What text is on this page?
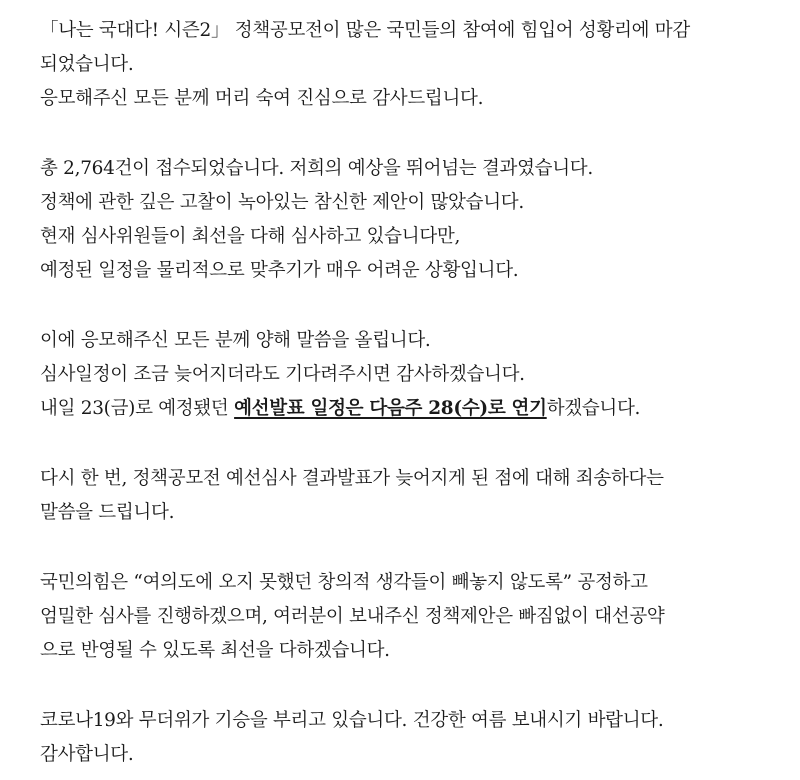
「나는 국대다! 시즌2」 정책공모전이 많은 국민들의 참여에 힘입어 성황리에 마감
되었습니다.
응모해주신 모든 분께 머리 숙여 진심으로 감사드립니다.
총 2,764건이 접수되었습니다. 저희의 예상을 뛰어넘는 결과였습니다.
정책에 관한 깊은 고찰이 녹아있는 참신한 제안이 많았습니다.
현재 심사위원들이 최선을 다해 심사하고 있습니다만,
예정된 일정을 물리적으로 맞추기가 매우 어려운 상황입니다.
이에 응모해주신 모든 분께 양해 말씀을 올립니다.
심사일정이 조금 늦어지더라도 기다려주시면 감사하겠습니다.
내일 23(금)로 예정됐던 예선발표 일정은 다음주 28(수)로 연기하겠습니다.
다시 한 번, 정책공모전 예선심사 결과발표가 늦어지게 된 점에 대해 죄송하다는
말씀을 드립니다.
국민의힘은 “여의도에 오지 못했던 창의적 생각들이 빼놓지 않도록” 공정하고
엄밀한 심사를 진행하겠으며, 여러분이 보내주신 정책제안은 빠짐없이 대선공약
으로 반영될 수 있도록 최선을 다하겠습니다.
코로나19와 무더위가 기승을 부리고 있습니다. 건강한 여름 보내시기 바랍니다.
감사합니다.
